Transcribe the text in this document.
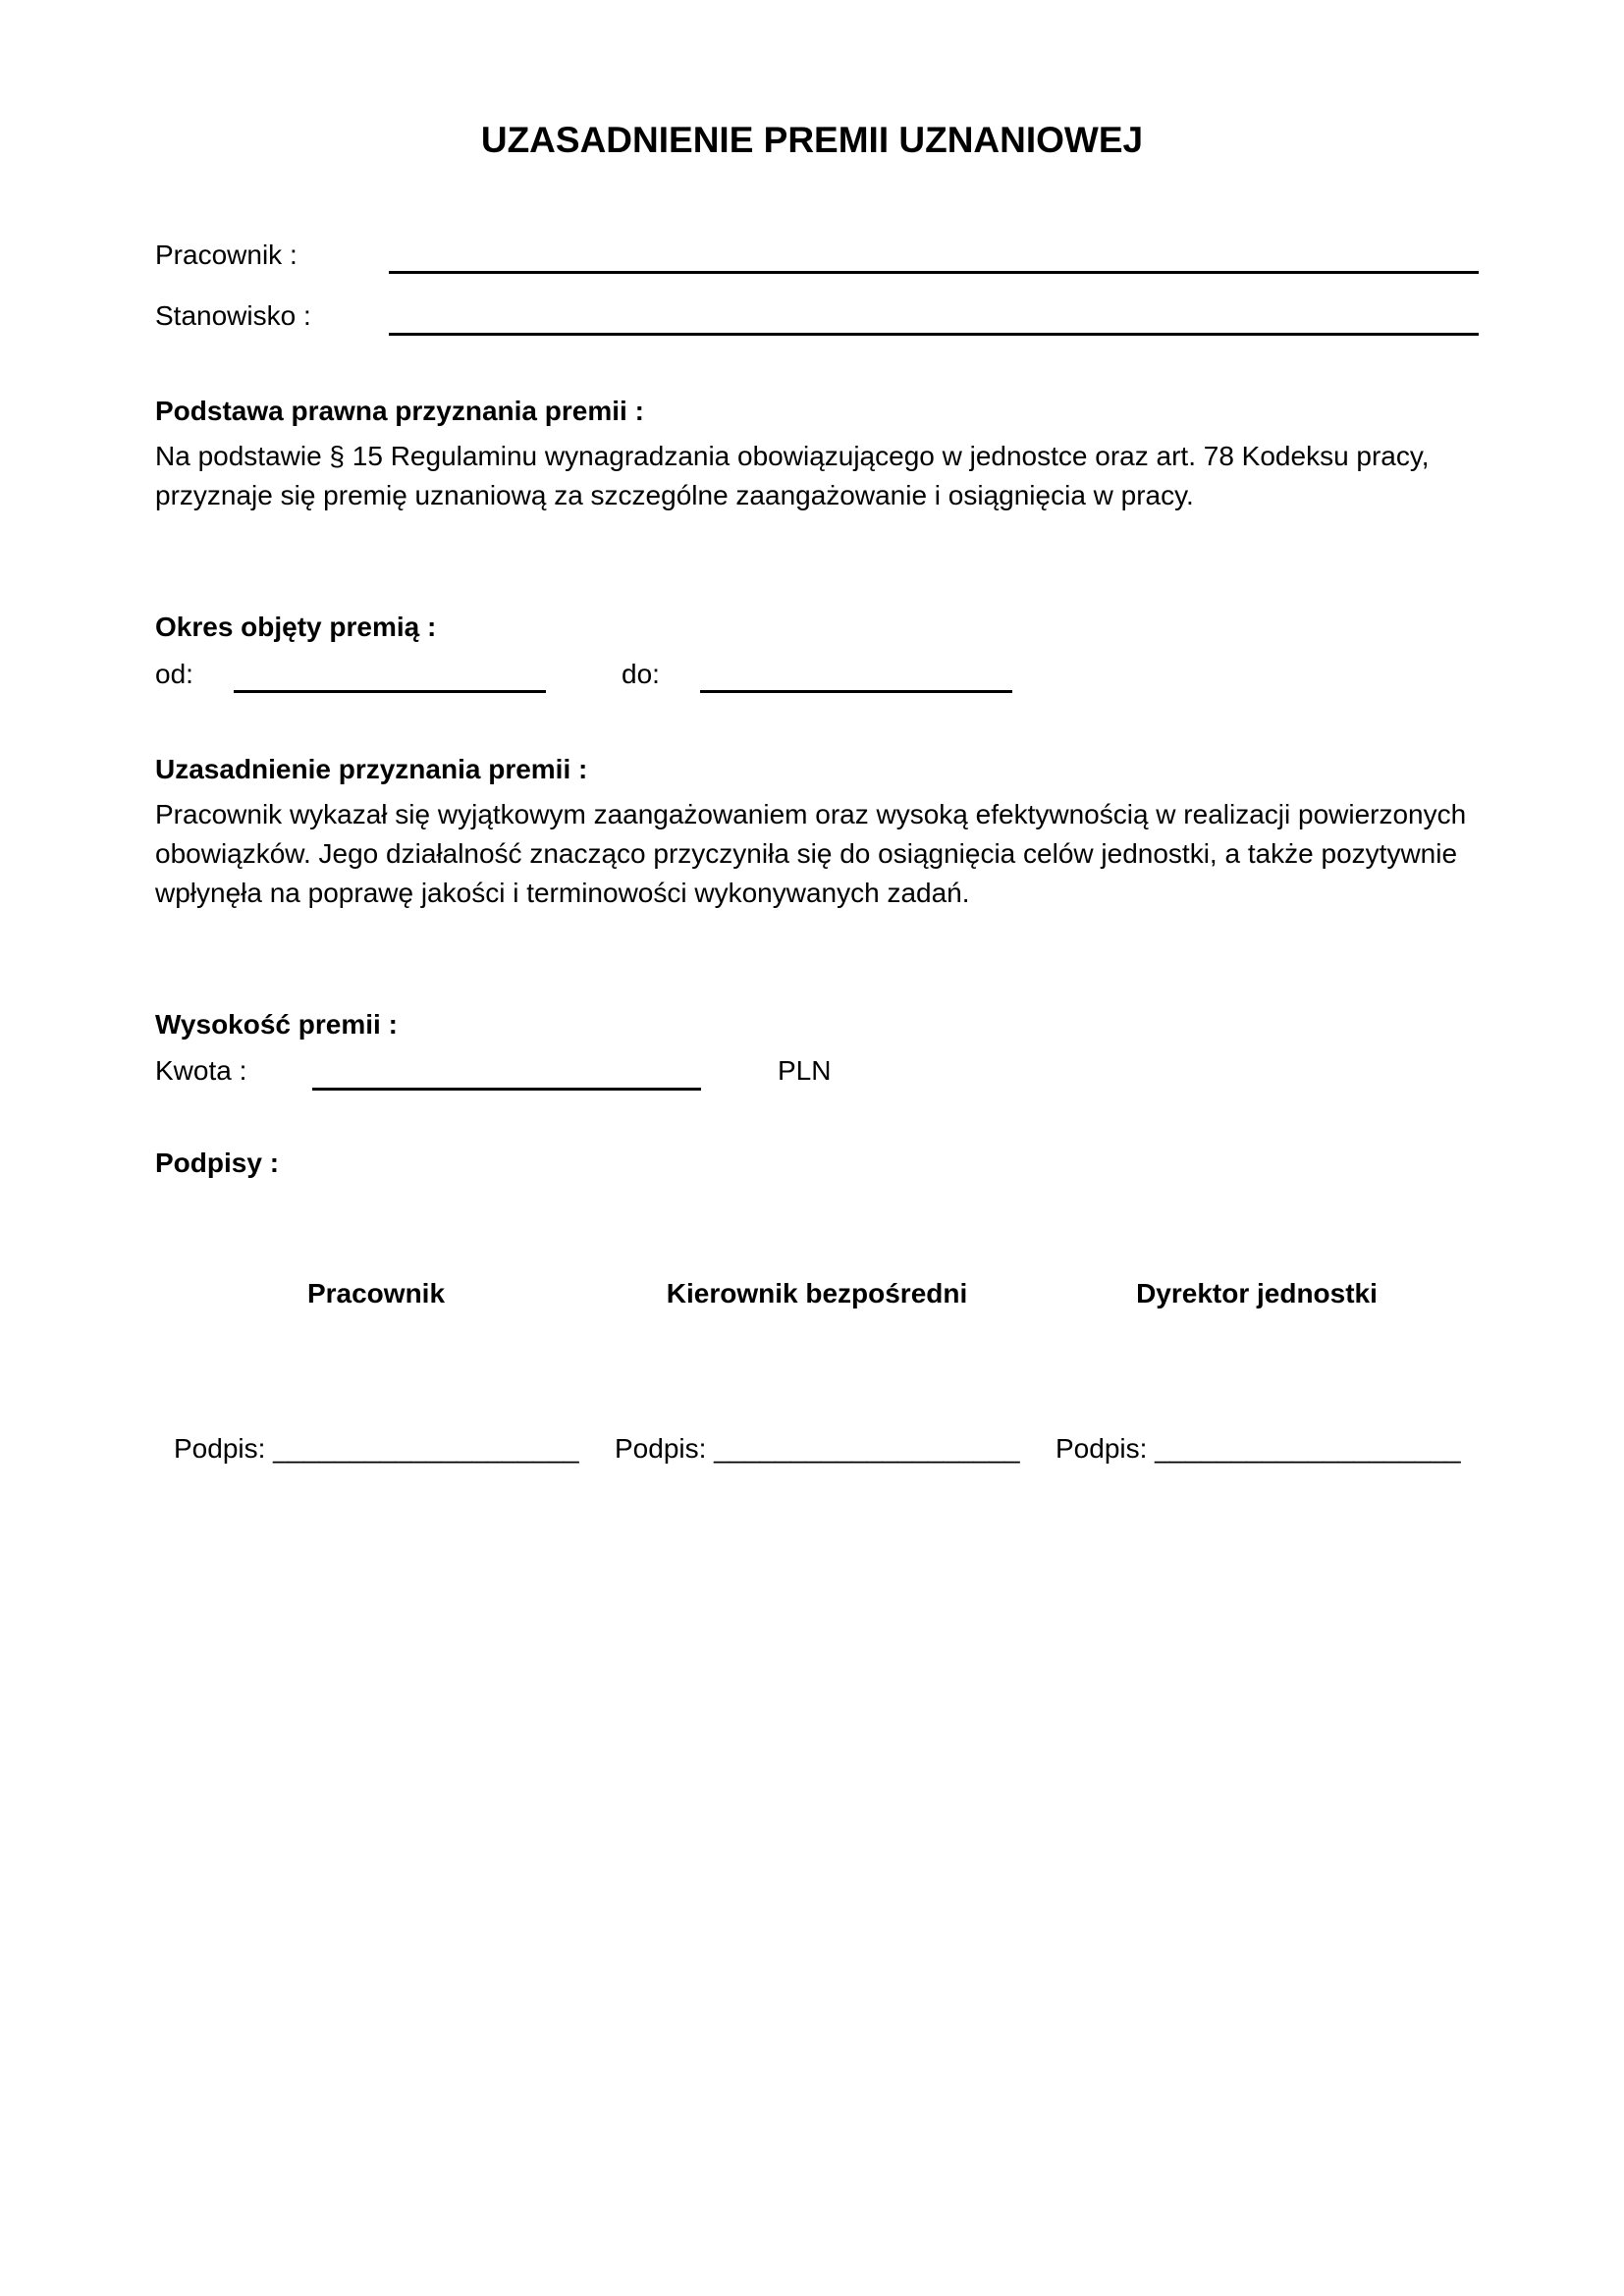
UZASADNIENIE PREMII UZNANIOWEJ
Pracownik :
Stanowisko :
Podstawa prawna przyznania premii :

Na podstawie § 15 Regulaminu wynagradzania obowiązującego w jednostce oraz art. 78 Kodeksu pracy,

przyznaje się premię uznaniową za szczególne zaangażowanie i osiągnięcia w pracy.

Okres objęty premią :
od:	do:
Uzasadnienie przyznania premii :

Pracownik wykazał się wyjątkowym zaangażowaniem oraz wysoką efektywnością w realizacji powierzonych

obowiązków. Jego działalność znacząco przyczyniła się do osiągnięcia celów jednostki, a także pozytywnie

wpłynęła na poprawę jakości i terminowości wykonywanych zadań.

Wysokość premii :
Kwota :	PLN
Podpisy :
Pracownik	Kierownik bezpośredni	Dyrektor jednostki
Podpis: ____________________ Podpis: ____________________ Podpis: ____________________
